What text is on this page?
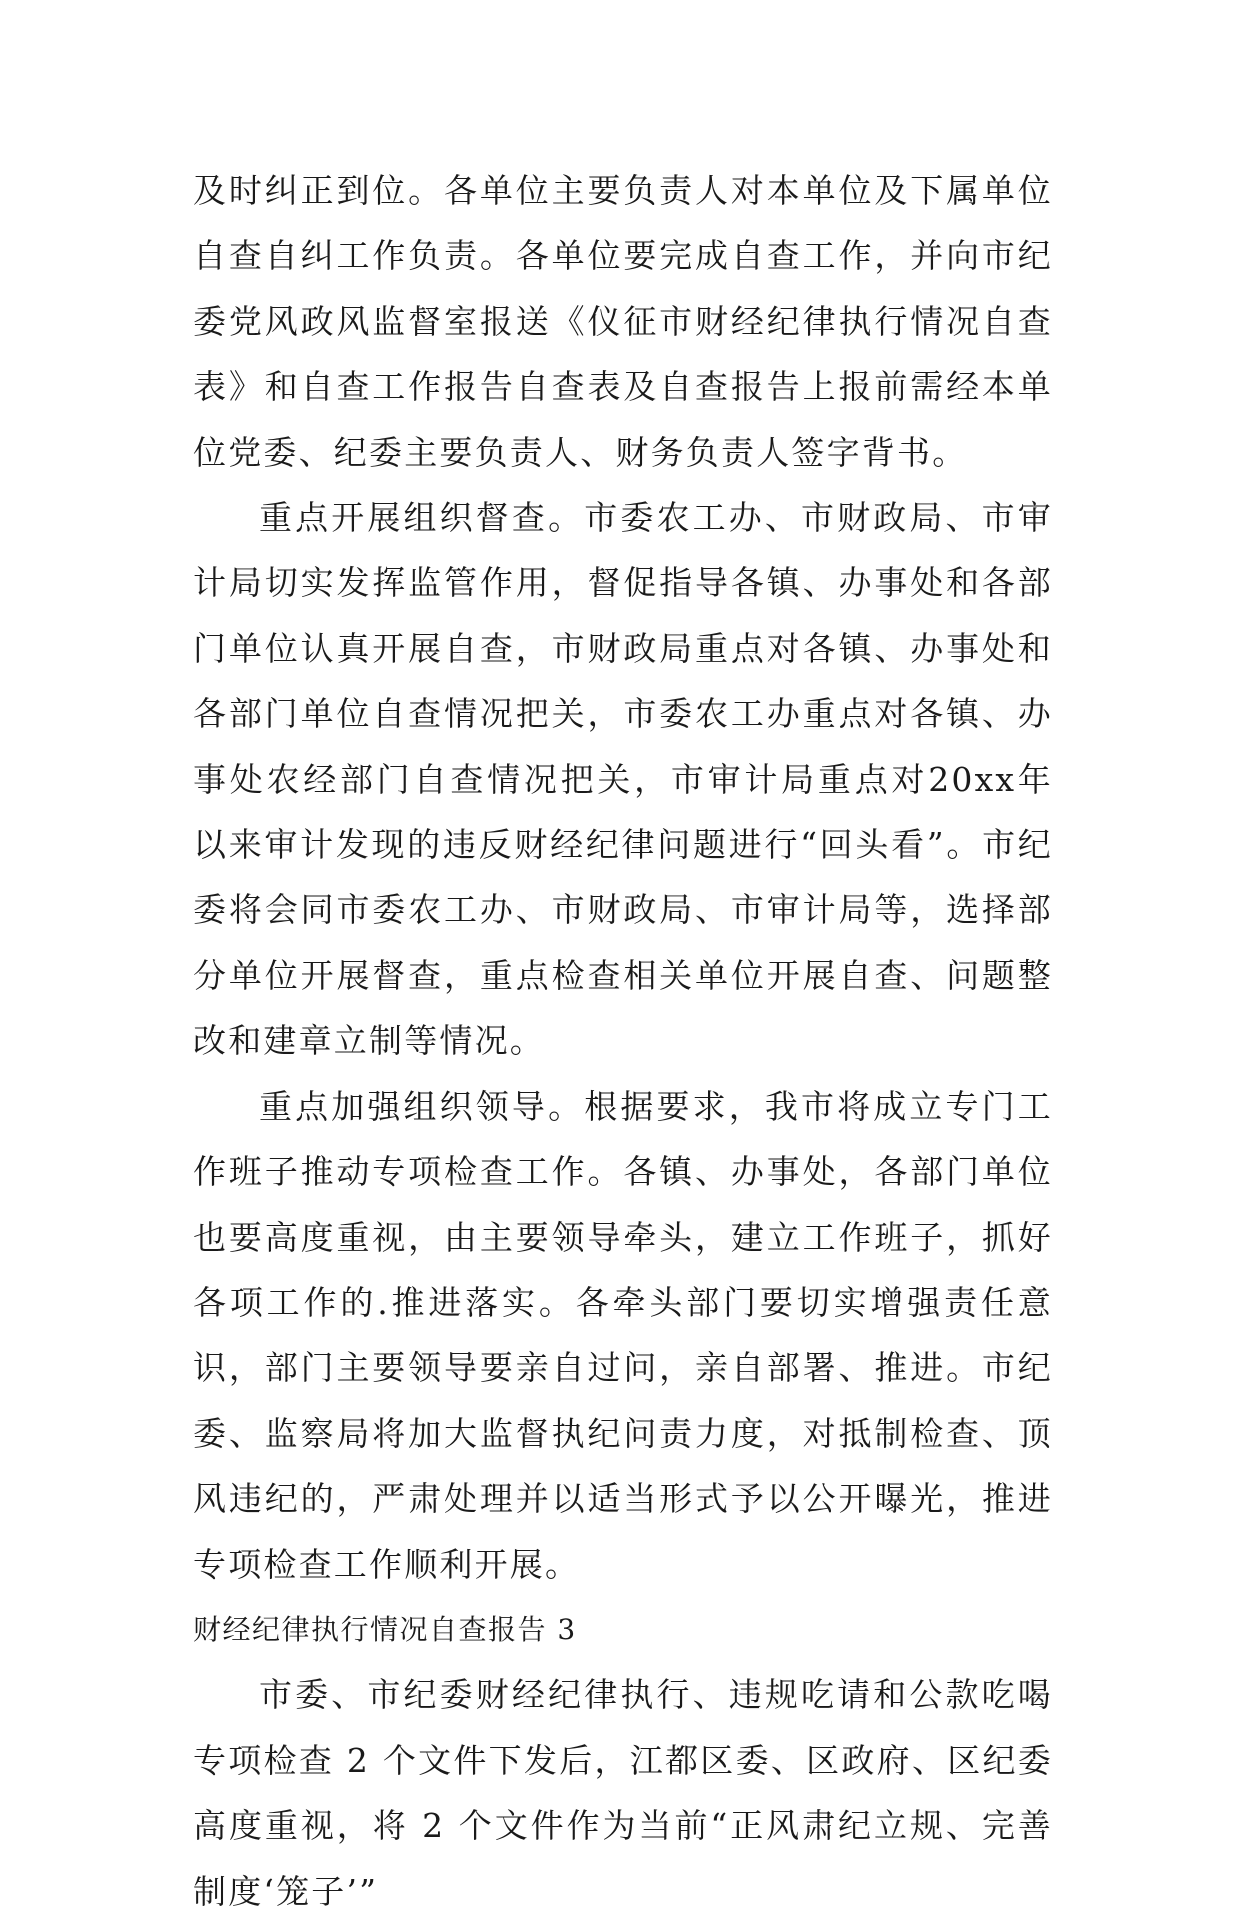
及时纠正到位。各单位主要负责人对本单位及下属单位自查自纠工作负责。各单位要完成自查工作，并向市纪委党风政风监督室报送《仪征市财经纪律执行情况自查表》和自查工作报告自查表及自查报告上报前需经本单位党委、纪委主要负责人、财务负责人签字背书。

重点开展组织督查。市委农工办、市财政局、市审计局切实发挥监管作用，督促指导各镇、办事处和各部门单位认真开展自查，市财政局重点对各镇、办事处和各部门单位自查情况把关，市委农工办重点对各镇、办事处农经部门自查情况把关，市审计局重点对20xx年以来审计发现的违反财经纪律问题进行“回头看”。市纪委将会同市委农工办、市财政局、市审计局等，选择部分单位开展督查，重点检查相关单位开展自查、问题整改和建章立制等情况。

重点加强组织领导。根据要求，我市将成立专门工作班子推动专项检查工作。各镇、办事处，各部门单位也要高度重视，由主要领导牵头，建立工作班子，抓好各项工作的.推进落实。各牵头部门要切实增强责任意识，部门主要领导要亲自过问，亲自部署、推进。市纪委、监察局将加大监督执纪问责力度，对抵制检查、顶风违纪的，严肃处理并以适当形式予以公开曝光，推进专项检查工作顺利开展。

财经纪律执行情况自查报告 3

市委、市纪委财经纪律执行、违规吃请和公款吃喝专项检查 2 个文件下发后，江都区委、区政府、区纪委高度重视，将 2 个文件作为当前“正风肃纪立规、完善制度‘笼子’”
